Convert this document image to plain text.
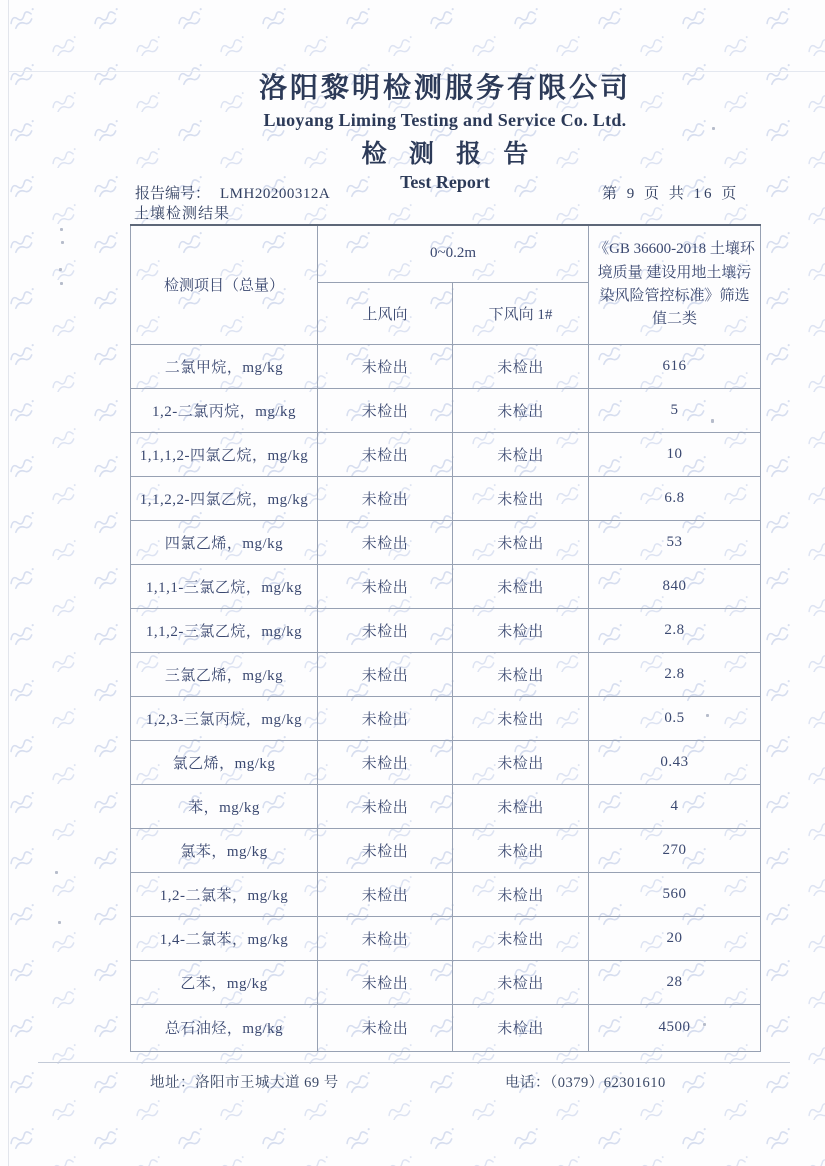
洛阳黎明检测服务有限公司
Luoyang Liming Testing and Service Co. Ltd.
检 测 报 告
Test Report
报告编号： LMH20200312A	第 9 页 共 16 页
土壤检测结果
检测项目（总量）	0~0.2m		《GB 36600-2018 土壤环境质量 建设用地土壤污染风险管控标准》筛选值二类
	上风向	下风向 1#	
二氯甲烷，mg/kg	未检出	未检出	616
1,2-二氯丙烷，mg/kg	未检出	未检出	5
1,1,1,2-四氯乙烷，mg/kg	未检出	未检出	10
1,1,2,2-四氯乙烷，mg/kg	未检出	未检出	6.8
四氯乙烯，mg/kg	未检出	未检出	53
1,1,1-三氯乙烷，mg/kg	未检出	未检出	840
1,1,2-三氯乙烷，mg/kg	未检出	未检出	2.8
三氯乙烯，mg/kg	未检出	未检出	2.8
1,2,3-三氯丙烷，mg/kg	未检出	未检出	0.5
氯乙烯，mg/kg	未检出	未检出	0.43
苯，mg/kg	未检出	未检出	4
氯苯，mg/kg	未检出	未检出	270
1,2-二氯苯，mg/kg	未检出	未检出	560
1,4-二氯苯，mg/kg	未检出	未检出	20
乙苯，mg/kg	未检出	未检出	28
总石油烃，mg/kg	未检出	未检出	4500
地址：洛阳市王城大道 69 号	电话：（0379）62301610
